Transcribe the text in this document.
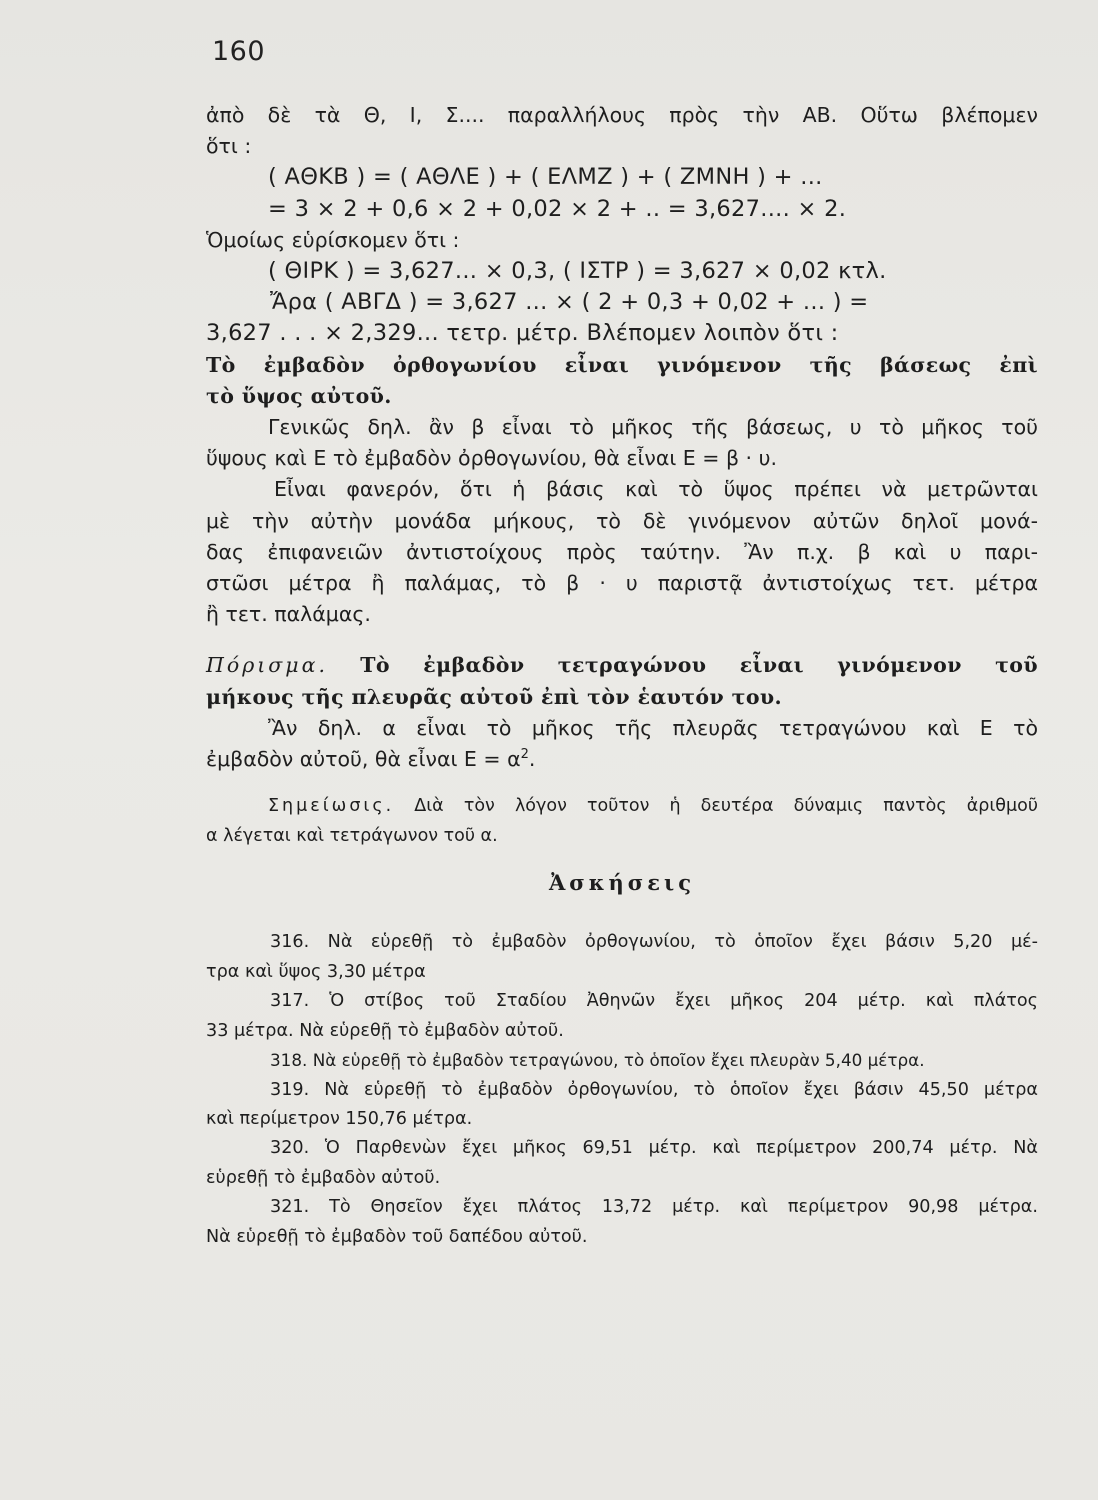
160
ἀπὸ δὲ τὰ Θ, Ι, Σ.... παραλλήλους πρὸς τὴν ΑΒ. Οὕτω βλέπομεν
ὅτι :
( ΑΘΚΒ ) = ( ΑΘΛΕ ) + ( ΕΛΜΖ ) + ( ΖΜΝΗ ) + ...
= 3 × 2 + 0,6 × 2 + 0,02 × 2 + .. = 3,627.... × 2.
Ὁμοίως εὑρίσκομεν ὅτι :
( ΘΙΡΚ ) = 3,627... × 0,3, ( ΙΣΤΡ ) = 3,627 × 0,02 κτλ.
Ἄρα ( ΑΒΓΔ ) = 3,627 ... × ( 2 + 0,3 + 0,02 + ... ) =
3,627 . . . × 2,329... τετρ. μέτρ. Βλέπομεν λοιπὸν ὅτι :
Τὸ ἐμβαδὸν ὀρθογωνίου εἶναι γινόμενον τῆς βάσεως ἐπὶ
τὸ ὕψος αὐτοῦ.
Γενικῶς δηλ. ἂν β εἶναι τὸ μῆκος τῆς βάσεως, υ τὸ μῆκος τοῦ
ὕψους καὶ Ε τὸ ἐμβαδὸν ὀρθογωνίου, θὰ εἶναι Ε = β · υ.
Εἶναι φανερόν, ὅτι ἡ βάσις καὶ τὸ ὕψος πρέπει νὰ μετρῶνται
μὲ τὴν αὐτὴν μονάδα μήκους, τὸ δὲ γινόμενον αὐτῶν δηλοῖ μονά-
δας ἐπιφανειῶν ἀντιστοίχους πρὸς ταύτην. Ἂν π.χ. β καὶ υ παρι-
στῶσι μέτρα ἢ παλάμας, τὸ β · υ παριστᾷ ἀντιστοίχως τετ. μέτρα
ἢ τετ. παλάμας.
Πόρισμα. Τὸ ἐμβαδὸν τετραγώνου εἶναι γινόμενον τοῦ
μήκους τῆς πλευρᾶς αὐτοῦ ἐπὶ τὸν ἑαυτόν του.
Ἂν δηλ. α εἶναι τὸ μῆκος τῆς πλευρᾶς τετραγώνου καὶ Ε τὸ
ἐμβαδὸν αὐτοῦ, θὰ εἶναι $E = \alpha^2$.
Σημείωσις. Διὰ τὸν λόγον τοῦτον ἡ δευτέρα δύναμις παντὸς ἀριθμοῦ
α λέγεται καὶ τετράγωνον τοῦ α.
Ἀσκήσεις
316. Νὰ εὑρεθῇ τὸ ἐμβαδὸν ὀρθογωνίου, τὸ ὁποῖον ἔχει βάσιν 5,20 μέ-
τρα καὶ ὕψος 3,30 μέτρα
317. Ὁ στίβος τοῦ Σταδίου Ἀθηνῶν ἔχει μῆκος 204 μέτρ. καὶ πλάτος
33 μέτρα. Νὰ εὑρεθῇ τὸ ἐμβαδὸν αὐτοῦ.
318. Νὰ εὑρεθῇ τὸ ἐμβαδὸν τετραγώνου, τὸ ὁποῖον ἔχει πλευρὰν 5,40 μέτρα.
319. Νὰ εὑρεθῇ τὸ ἐμβαδὸν ὀρθογωνίου, τὸ ὁποῖον ἔχει βάσιν 45,50 μέτρα
καὶ περίμετρον 150,76 μέτρα.
320. Ὁ Παρθενὼν ἔχει μῆκος 69,51 μέτρ. καὶ περίμετρον 200,74 μέτρ. Νὰ
εὑρεθῇ τὸ ἐμβαδὸν αὐτοῦ.
321. Τὸ Θησεῖον ἔχει πλάτος 13,72 μέτρ. καὶ περίμετρον 90,98 μέτρα.
Νὰ εὑρεθῇ τὸ ἐμβαδὸν τοῦ δαπέδου αὐτοῦ.
